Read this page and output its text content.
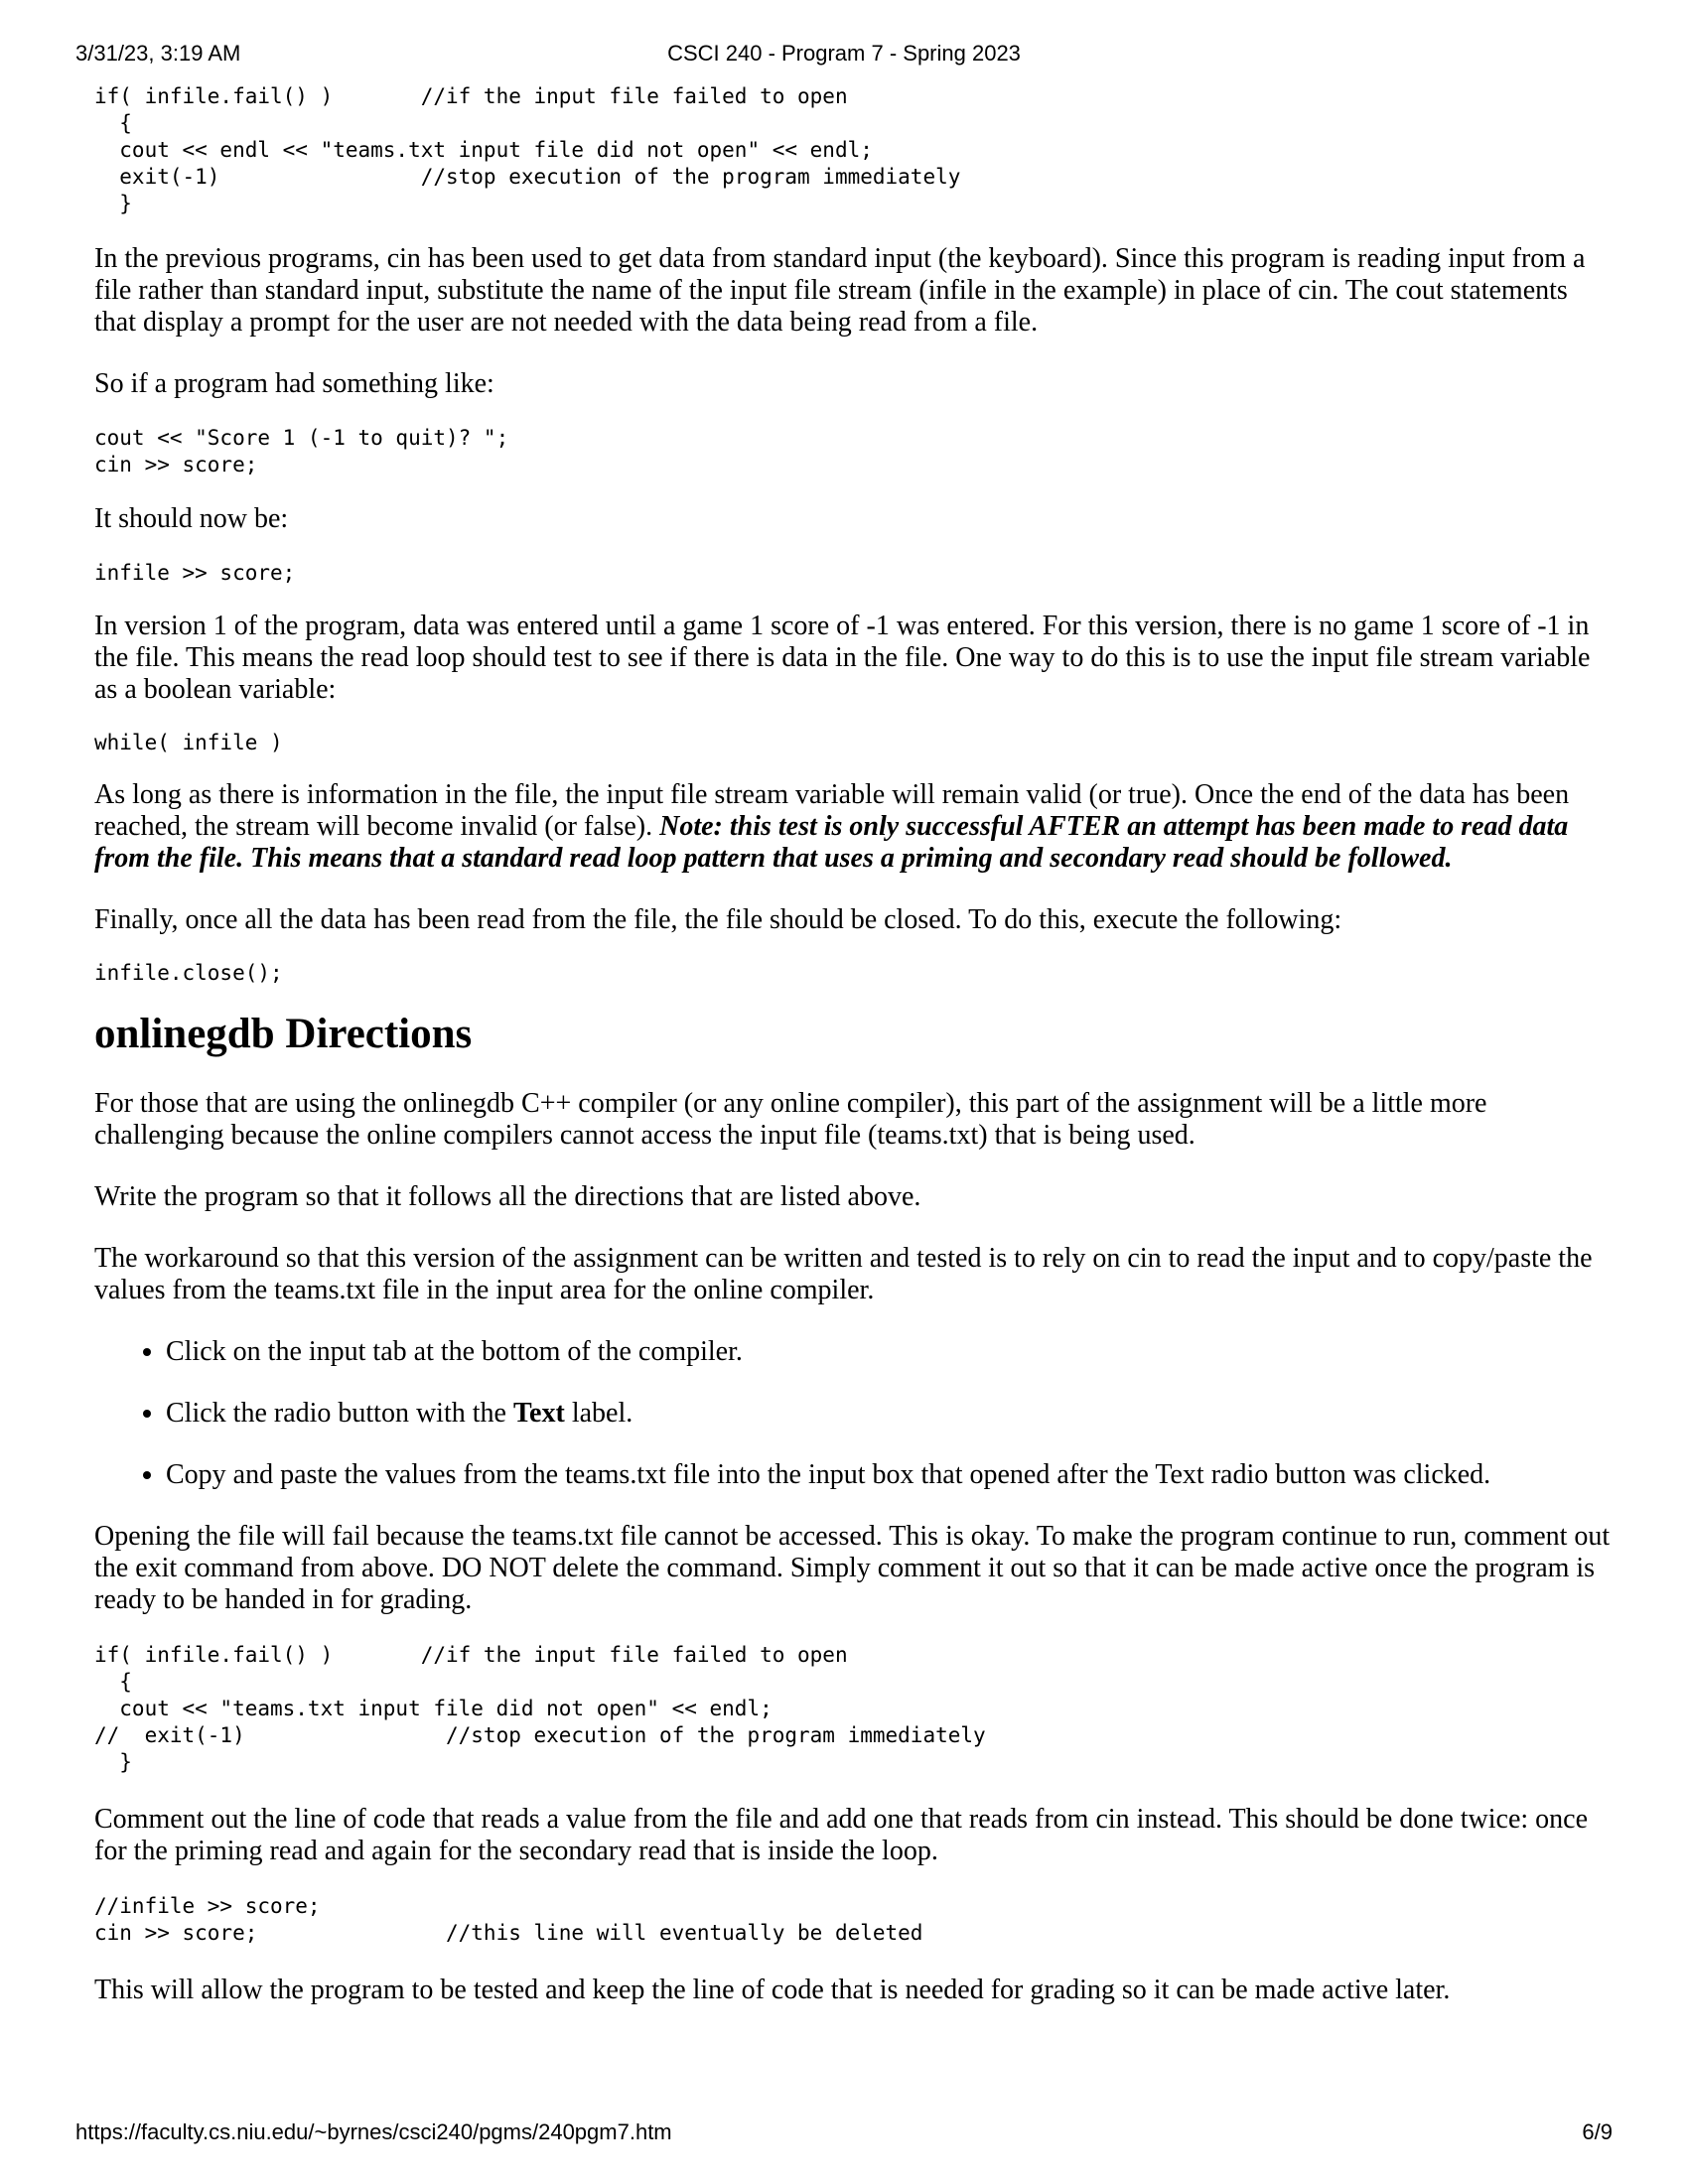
3/31/23, 3:19 AM	CSCI 240 - Program 7 - Spring 2023
if( infile.fail() )       //if the input file failed to open
{
cout << endl << "teams.txt input file did not open" << endl;
exit(-1)                //stop execution of the program immediately
}

In the previous programs, cin has been used to get data from standard input (the keyboard). Since this program is reading input from a file rather than standard input, substitute the name of the input file stream (infile in the example) in place of cin. The cout statements that display a prompt for the user are not needed with the data being read from a file.

So if a program had something like:

cout << "Score 1 (-1 to quit)? ";
cin >> score;

It should now be:

infile >> score;

In version 1 of the program, data was entered until a game 1 score of -1 was entered. For this version, there is no game 1 score of -1 in the file. This means the read loop should test to see if there is data in the file. One way to do this is to use the input file stream variable as a boolean variable:

while( infile )

As long as there is information in the file, the input file stream variable will remain valid (or true). Once the end of the data has been reached, the stream will become invalid (or false). Note: this test is only successful AFTER an attempt has been made to read data from the file. This means that a standard read loop pattern that uses a priming and secondary read should be followed.

Finally, once all the data has been read from the file, the file should be closed. To do this, execute the following:

infile.close();
onlinegdb Directions

For those that are using the onlinegdb C++ compiler (or any online compiler), this part of the assignment will be a little more challenging because the online compilers cannot access the input file (teams.txt) that is being used.

Write the program so that it follows all the directions that are listed above.

The workaround so that this version of the assignment can be written and tested is to rely on cin to read the input and to copy/paste the values from the teams.txt file in the input area for the online compiler.

• Click on the input tab at the bottom of the compiler.
• Click the radio button with the Text label.
• Copy and paste the values from the teams.txt file into the input box that opened after the Text radio button was clicked.

Opening the file will fail because the teams.txt file cannot be accessed. This is okay. To make the program continue to run, comment out the exit command from above. DO NOT delete the command. Simply comment it out so that it can be made active once the program is ready to be handed in for grading.

if( infile.fail() )       //if the input file failed to open
{
cout << "teams.txt input file did not open" << endl;
//  exit(-1)                //stop execution of the program immediately
}

Comment out the line of code that reads a value from the file and add one that reads from cin instead. This should be done twice: once for the priming read and again for the secondary read that is inside the loop.

//infile >> score;
cin >> score;               //this line will eventually be deleted

This will allow the program to be tested and keep the line of code that is needed for grading so it can be made active later.

https://faculty.cs.niu.edu/~byrnes/csci240/pgms/240pgm7.htm	6/9
